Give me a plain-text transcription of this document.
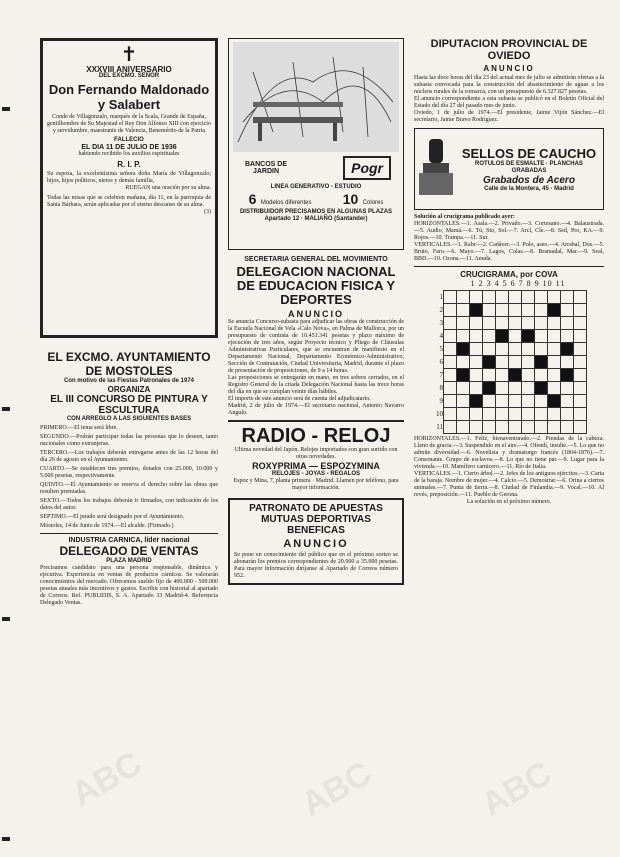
ABC	ABC	ABC
✝
XXXVIII ANIVERSARIO
DEL EXCMO. SEÑOR
Don Fernando Maldonado y Salabert
Conde de Villagonzalo, marqués de la Scala, Grande de España, gentilhombre de Su Majestad el Rey Don Alfonso XIII con ejercicio y servidumbre, maestrante de Valencia, Benemérito de la Patria
FALLECIO
EL DIA 11 DE JULIO DE 1936
habiendo recibido los auxilios espirituales
R. I. P.
Su esposa, la excelentísima señora doña María de Villagonzalo; hijos, hijos políticos, nietos y demás familia,
RUEGAN una oración por su alma.
Todas las misas que se celebren mañana, día 11, en la parroquia de Santa Bárbara, serán aplicadas por el eterno descanso de su alma.
(3)
EL EXCMO. AYUNTAMIENTO DE MOSTOLES
Con motivo de las Fiestas Patronales de 1974
ORGANIZA
EL III CONCURSO DE PINTURA Y ESCULTURA
CON ARREGLO A LAS SIGUIENTES BASES

PRIMERO.—El tema será libre.

SEGUNDO.—Podrán participar todas las personas que lo deseen, tanto nacionales como extranjeras.

TERCERO.—Los trabajos deberán entregarse antes de las 12 horas del día 26 de agosto en el Ayuntamiento.

CUARTO.—Se establecen tres premios, dotados con 25.000, 10.000 y 5.000 pesetas, respectivamente.

QUINTO.—El Ayuntamiento se reserva el derecho sobre las obras que resulten premiadas.

SEXTO.—Todos los trabajos deberán ir firmados, con indicación de los datos del autor.

SEPTIMO.—El jurado será designado por el Ayuntamiento.

Móstoles, 14 de Junio de 1974.—El alcalde. (Firmado.)
INDUSTRIA CARNICA, líder nacional
DELEGADO DE VENTAS
PLAZA MADRID
Precisamos candidato para una persona responsable, dinámica y ejecutiva. Experiencia en ventas de productos cárnicos. Se valorarán conocimientos del mercado. Ofrecemos sueldo fijo de 400.000 - 500.000 pesetas anuales más incentivos y gastos. Escribir con historial al apartado de Correos. Ref. PUBLIDIS, S. A. Apartado 33 Madrid-4. Referencia Delegado Ventas.
BANCOS DE JARDIN	Pogr
LINEA GENERATIVO - ESTUDIO
6 Modelos diferentes 10 Colores
DISTRIBUIDOR PRECISAMOS EN ALGUNAS PLAZAS
Apartado 12 · MALIAÑO (Santander)
SECRETARIA GENERAL DEL MOVIMIENTO
DELEGACION NACIONAL DE EDUCACION FISICA Y DEPORTES
ANUNCIO
Se anuncia Concurso-subasta para adjudicar las obras de construcción de la Escuela Nacional de Vela «Calo Nova», en Palma de Mallorca, por un presupuesto de contrata de 10.451.341 pesetas y plazo máximo de ejecución de tres años, según Proyecto técnico y Pliego de Cláusulas Administrativas Particulares, que se encuentran de manifiesto en el Departamento Nacional, Departamento Económico-Administrativo, Sección de Contratación, Ciudad Universitaria, Madrid, durante el plazo de presentación de proposiciones, de 9 a 14 horas.
Las proposiciones se entregarán en mano, en tres sobres cerrados, en el Registro General de la citada Delegación Nacional hasta las trece horas del día en que se cumplan veinte días hábiles.
El importe de este anuncio será de cuenta del adjudicatario.
Madrid, 2 de julio de 1974.—El secretario nacional, Antonio Navarro Angulo.
RADIO - RELOJ
Ultima novedad del Japón. Relojes importados con gran surtido con otras novedades.
ROXYPRIMA — ESPOZYMINA
RELOJES - JOYAS - REGALOS
Espoz y Mina, 7, planta primera · Madrid. Llamen por teléfono, para mayor información.
PATRONATO DE APUESTAS MUTUAS DEPORTIVAS BENEFICAS
ANUNCIO
Se pone en conocimiento del público que en el próximo sorteo se abonarán los premios correspondientes de 20.000 a 35.000 pesetas. Para mayor información diríjanse al Apartado de Correos número 952.
DIPUTACION PROVINCIAL DE OVIEDO
ANUNCIO
Hasta las doce horas del día 23 del actual mes de julio se admitirán ofertas a la subasta convocada para la construcción del abastecimiento de aguas a los núcleos rurales de la comarca, con un presupuesto de 6.327.827 pesetas.
El anuncio correspondiente a esta subasta se publicó en el Boletín Oficial del Estado del día 27 del pasado mes de junio.
Oviedo, 1 de julio de 1974.—El presidente, Jaime Vijón Sánchez.—El secretario, Jaime Bravo Rodríguez.
SELLOS DE CAUCHO
ROTULOS DE ESMALTE · PLANCHAS GRABADAS
Grabados de Acero
Calle de la Montera, 45 · Madrid
Solución al crucigrama publicado ayer:
HORIZONTALES.—1. Asala.—2. Privado.—3. Cortesano.—4. Balaustrada.—5. Audio, Mamá.—6. Tú, Sto, Sol.—7. Arcl, Cle.—8. Sed, Pro, KA.—9. Rojos.—10. Trampa.—11. Sur.
VERTICALES.—1. Rabr.—2. Cadáver.—3. Polo, aseo.—4. Arrabal, Dos.—5. Bruto, Faro.—6. Mayo.—7. Lagos, Colas.—8. Bramadal, Mar.—9. Seal, BBD.—10. Ozona.—11. Anuda.
CRUCIGRAMA, por COVA
1 2 3 4 5 6 7 8 9 10 11
1											
2											
3											
4											
5											
6											
7											
8											
9											
10											
11											
HORIZONTALES.—1. Feliz, bienaventurado.—2. Prendas de la cabeza. Lleno de gracia.—3. Suspendido en el aire.—4. Ofendí, insulté.—5. Lo que no admite diversidad.—6. Novelista y dramaturgo francés (1804-1876).—7. Consonante. Grupo de esclavos.—8. Lo que no tiene par.—9. Lugar para la vivienda.—10. Mamífero carnicero.—11. Río de Italia.
VERTICALES.—1. Cierto árbol.—2. Jefes de los antiguos ejércitos.—3. Carta de la baraja. Nombre de mujer.—4. Calcio.—5. Demostrar.—6. Orina a ciertos animales.—7. Punta de tierra.—8. Ciudad de Finlandia.—9. Vocal.—10. Al revés, preposición.—11. Pueblo de Gerona.
La solución en el próximo número.
